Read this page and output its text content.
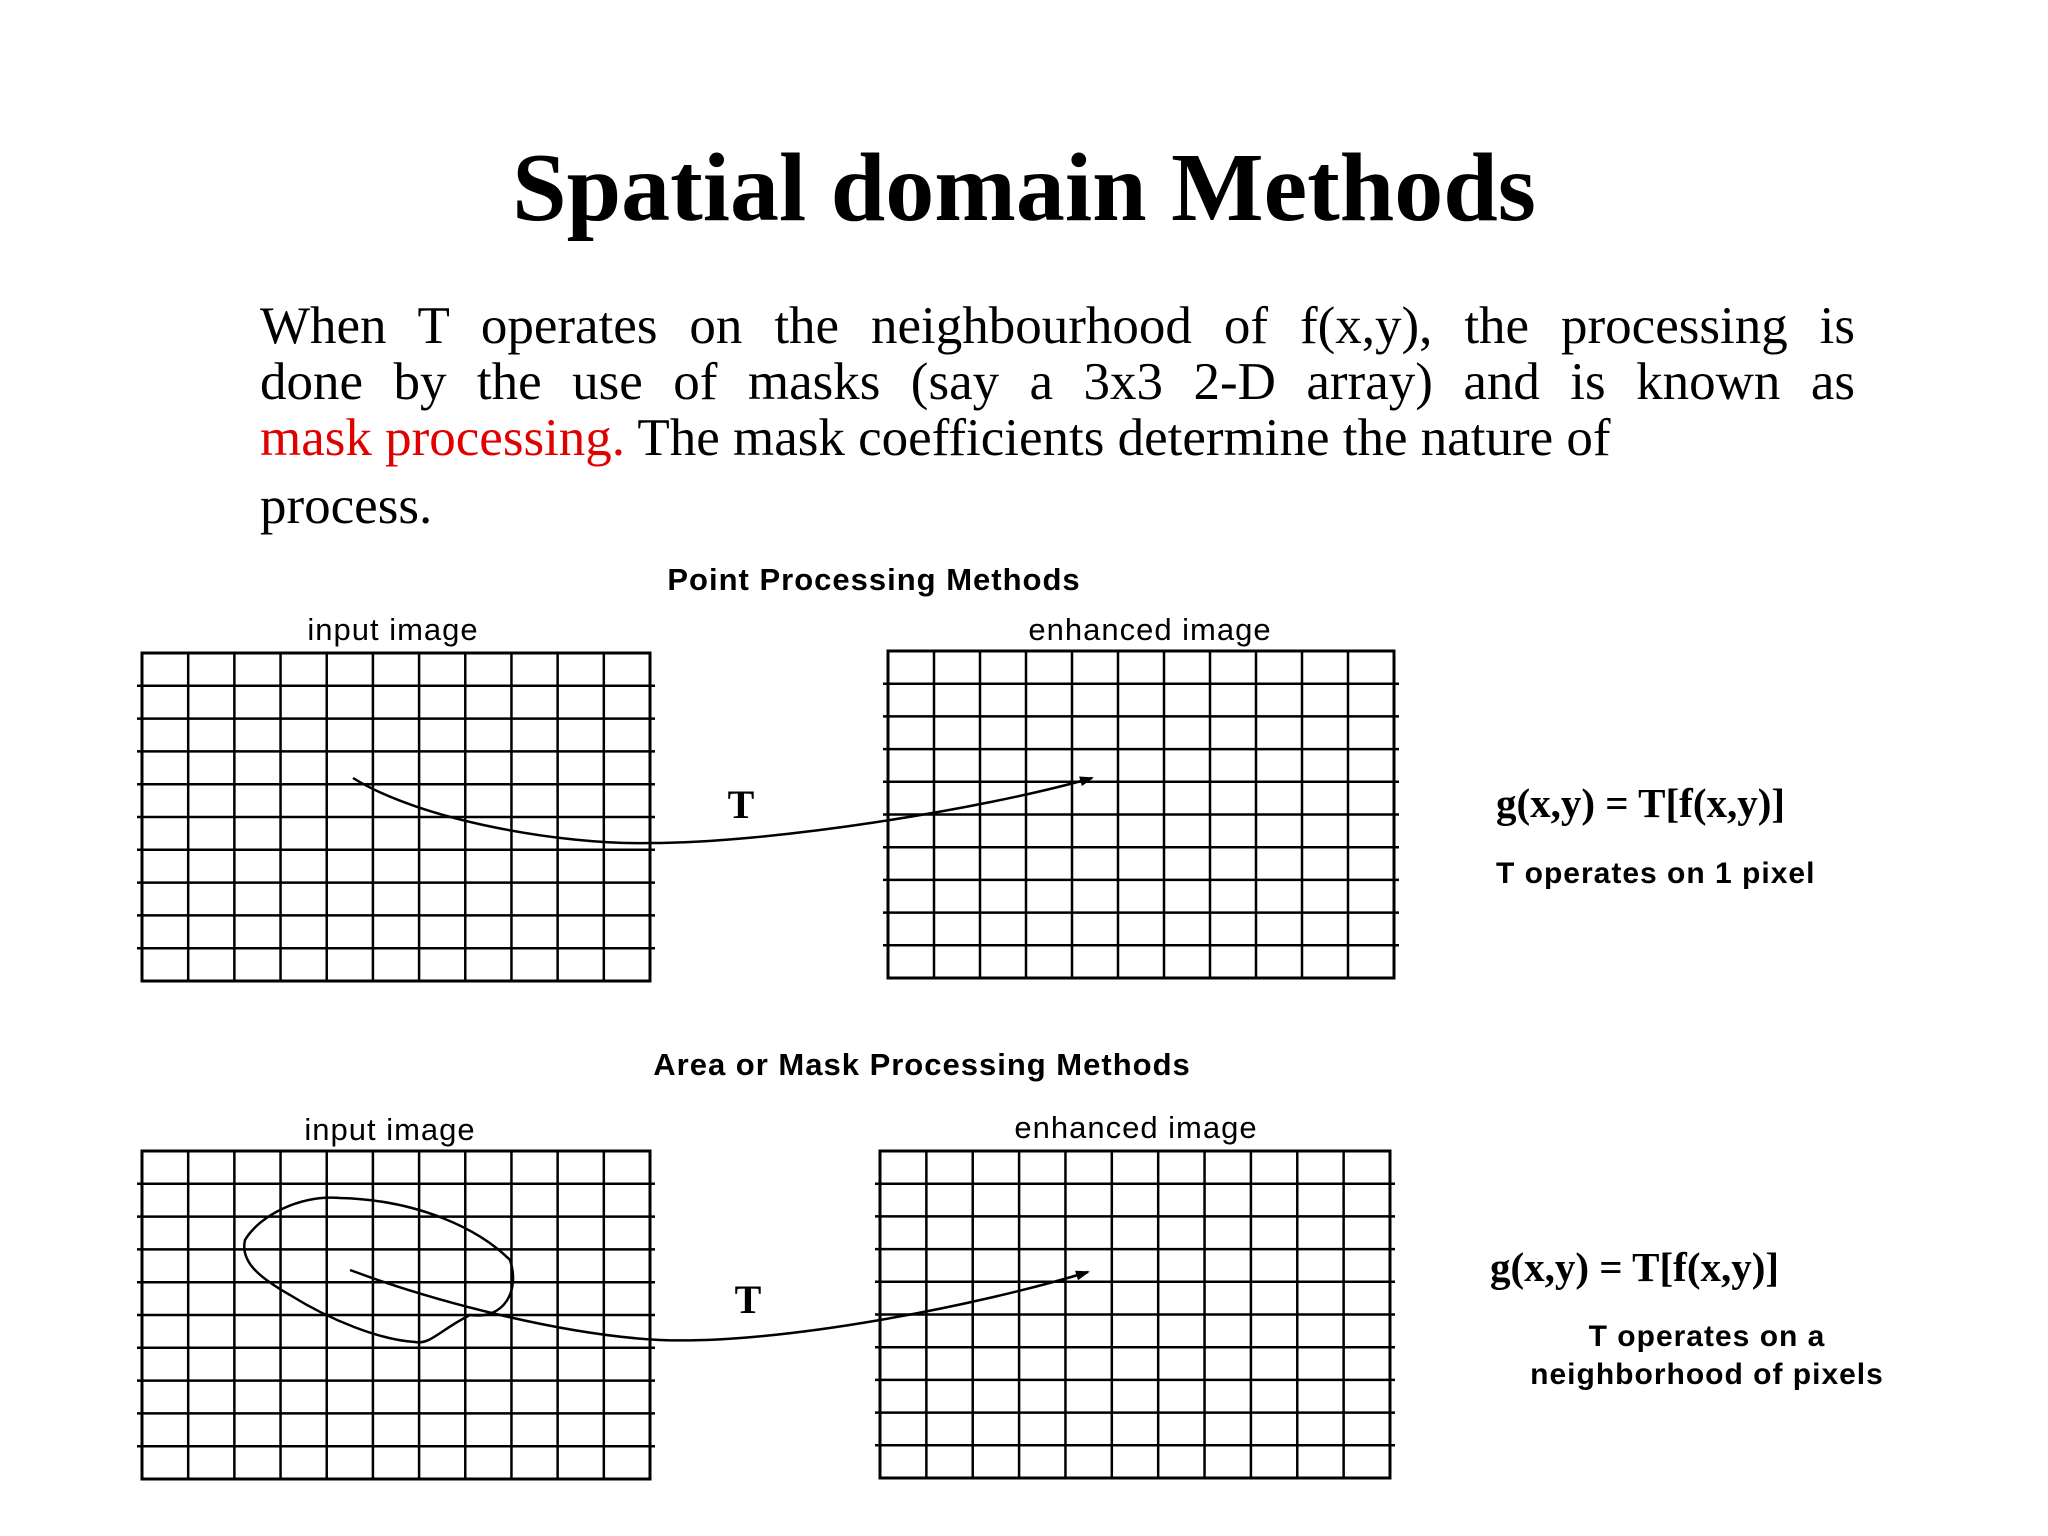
Spatial domain Methods

When T operates on the neighbourhood of f(x,y), the processing is
done by the use of masks (say a 3x3 2-D array) and is known as
mask processing. The mask coefficients determine the nature of
process.

Point Processing Methods
input image	enhanced image
T	g(x,y) = T[f(x,y)]
T operates on 1 pixel
Area or Mask Processing Methods
input image	enhanced image
T
g(x,y) = T[f(x,y)]
T operates on a
neighborhood of pixels
